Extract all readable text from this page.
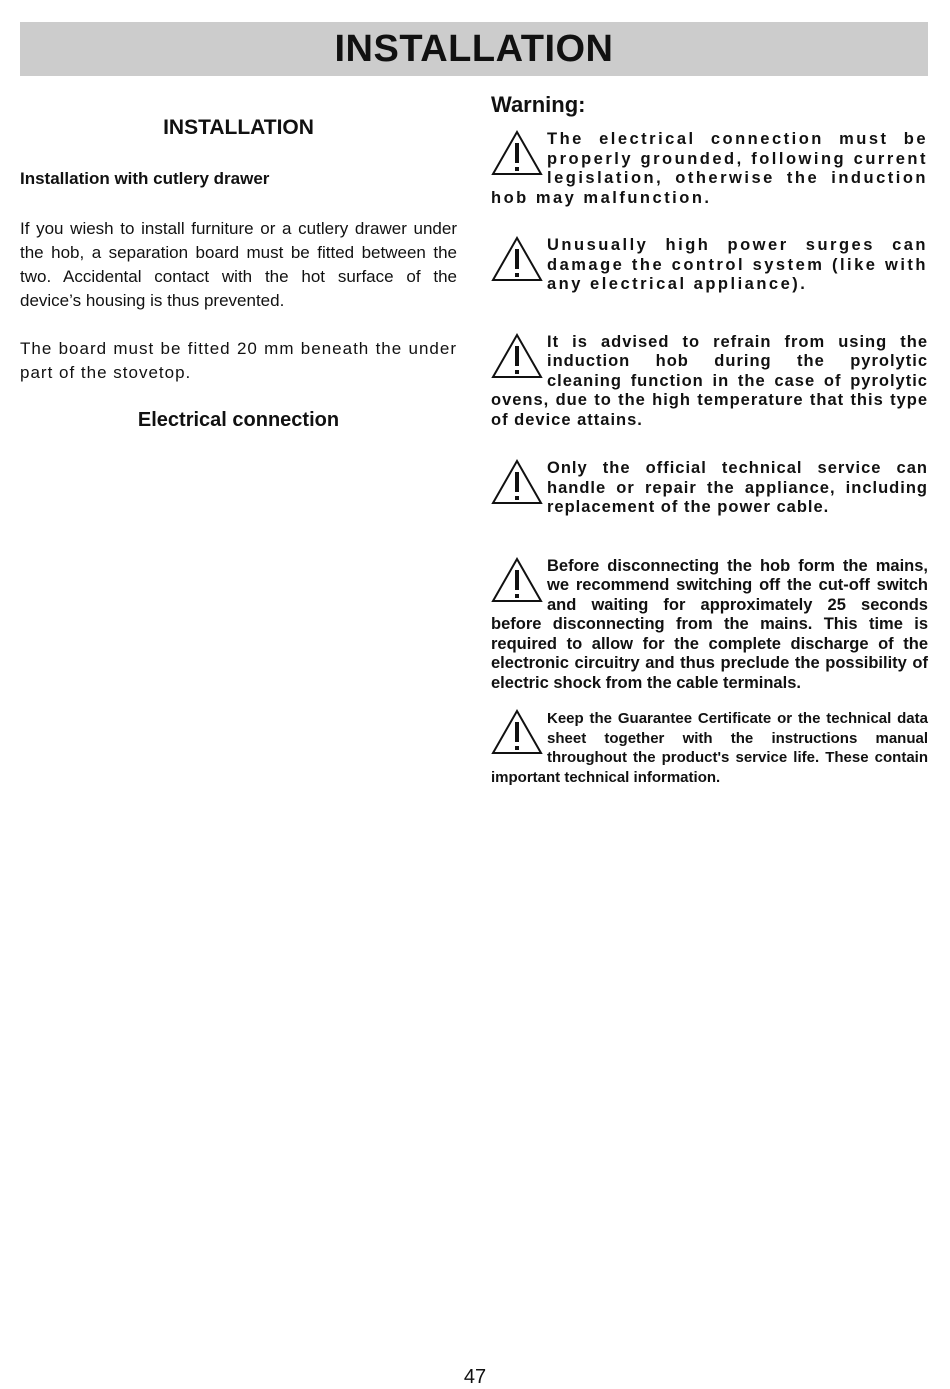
INSTALLATION
INSTALLATION
Installation with cutlery drawer

If you wiesh to install furniture or a cutlery drawer under the hob, a separation board must be fitted between the two. Accidental contact with the hot surface of the device’s housing is thus prevented.

The board must be fitted 20 mm beneath the under part of the stovetop.

Electrical connection
Warning:
The electrical connection must be properly grounded, following current legislation, otherwise the induction hob may malfunction.
Unusually high power surges can damage the control system (like with any electrical appliance).
It is advised to refrain from using the induction hob during the pyrolytic cleaning function in the case of pyrolytic ovens, due to the high temperature that this type of device attains.
Only the official technical service can handle or repair the appliance, including replacement of the power cable.
Before disconnecting the hob form the mains, we recommend switching off the cut-off switch and waiting for approximately 25 seconds before disconnecting from the mains. This time is required to allow for the complete discharge of the electronic circuitry and thus preclude the possibility of electric shock from the cable terminals.
Keep the Guarantee Certificate or the technical data sheet together with the instructions manual throughout the product's service life. These contain important technical information.
47
